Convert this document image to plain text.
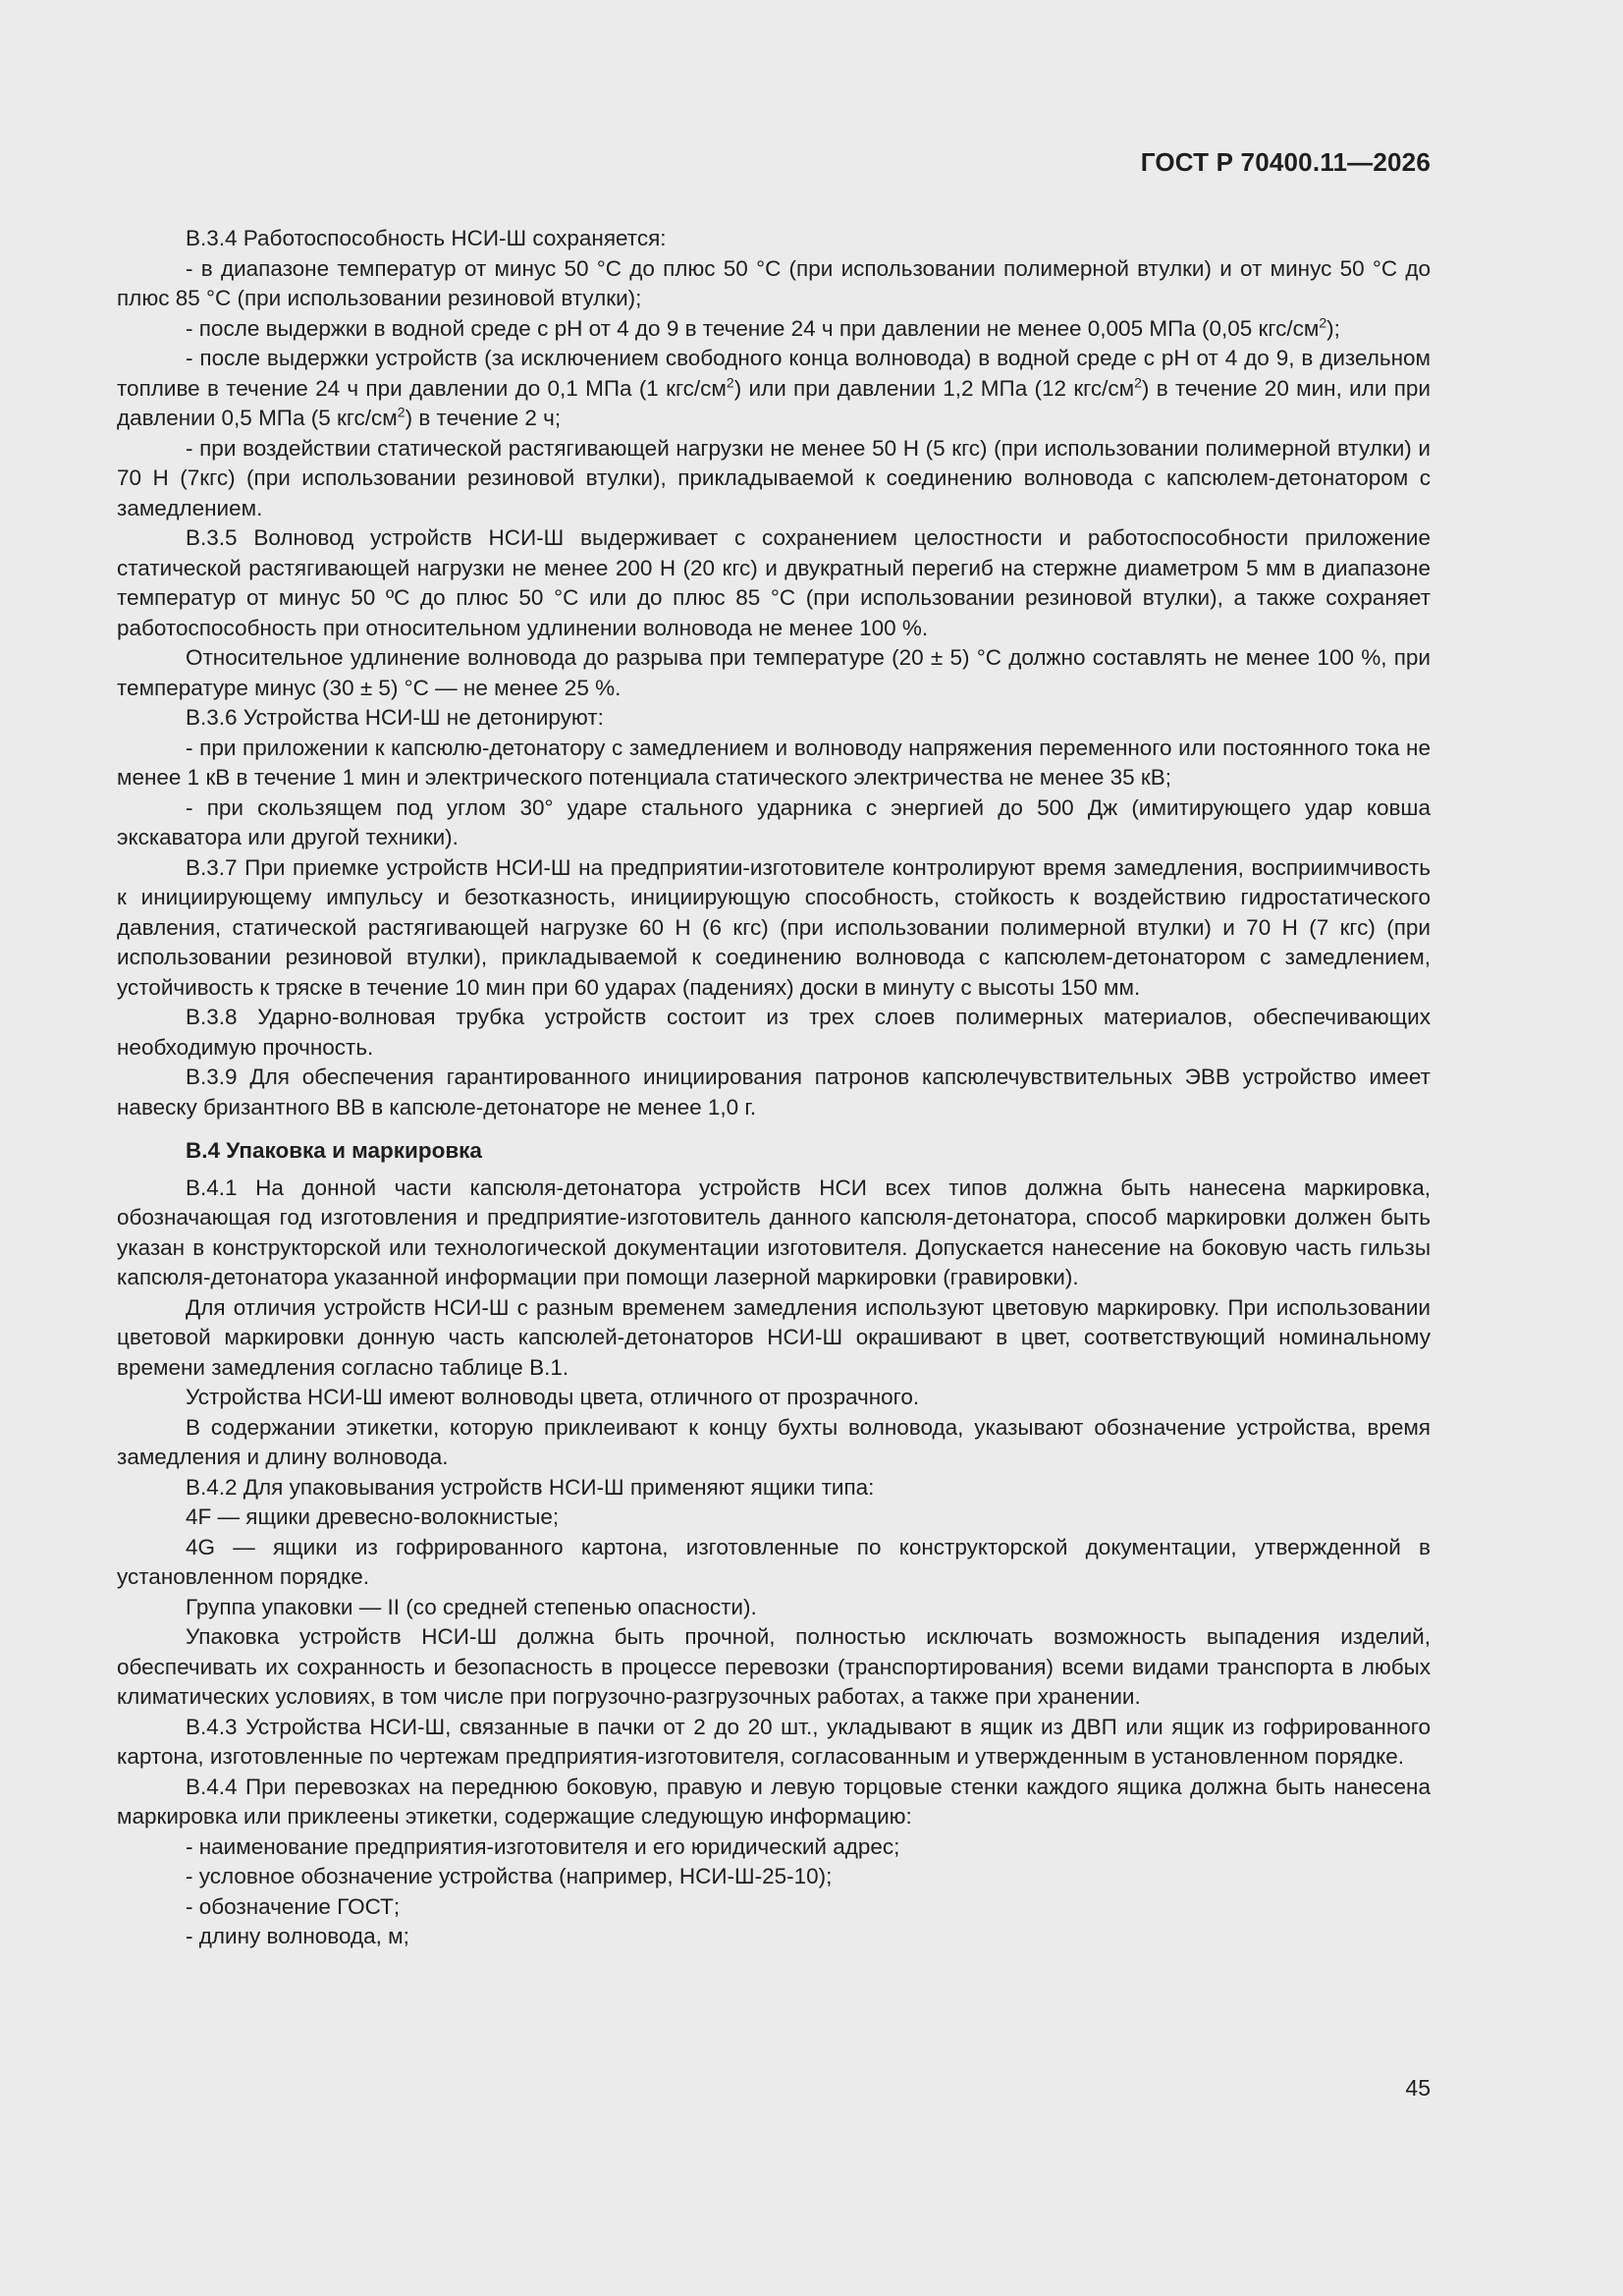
ГОСТ Р 70400.11—2026

В.3.4 Работоспособность НСИ-Ш сохраняется:

- в диапазоне температур от минус 50 °С до плюс 50 °С (при использовании полимерной втулки) и от минус 50 °С до плюс 85 °С (при использовании резиновой втулки);

- после выдержки в водной среде с рН от 4 до 9 в течение 24 ч при давлении не менее 0,005 МПа (0,05 кгс/$см^2$);

- после выдержки устройств (за исключением свободного конца волновода) в водной среде с рН от 4 до 9, в дизельном топливе в течение 24 ч при давлении до 0,1 МПа (1 кгс/$см^2$) или при давлении 1,2 МПа (12 кгс/$см^2$) в течение 20 мин, или при давлении 0,5 МПа (5 кгс/$см^2$) в течение 2 ч;

- при воздействии статической растягивающей нагрузки не менее 50 Н (5 кгс) (при использовании полимерной втулки) и 70 Н (7кгс) (при использовании резиновой втулки), прикладываемой к соединению волновода с капсюлем-детонатором с замедлением.

В.3.5 Волновод устройств НСИ-Ш выдерживает с сохранением целостности и работоспособности приложение статической растягивающей нагрузки не менее 200 Н (20 кгс) и двукратный перегиб на стержне диаметром 5 мм в диапазоне температур от минус 50 ºС до плюс 50 °С или до плюс 85 °С (при использовании резиновой втулки), а также сохраняет работоспособность при относительном удлинении волновода не менее 100 %.

Относительное удлинение волновода до разрыва при температуре (20 ± 5) °С должно составлять не менее 100 %, при температуре минус (30 ± 5) °С — не менее 25 %.

В.3.6 Устройства НСИ-Ш не детонируют:

- при приложении к капсюлю-детонатору с замедлением и волноводу напряжения переменного или постоянного тока не менее 1 кВ в течение 1 мин и электрического потенциала статического электричества не менее 35 кВ;

- при скользящем под углом 30° ударе стального ударника с энергией до 500 Дж (имитирующего удар ковша экскаватора или другой техники).

В.3.7 При приемке устройств НСИ-Ш на предприятии-изготовителе контролируют время замедления, восприимчивость к инициирующему импульсу и безотказность, инициирующую способность, стойкость к воздействию гидростатического давления, статической растягивающей нагрузке 60 Н (6 кгс) (при использовании полимерной втулки) и 70 Н (7 кгс) (при использовании резиновой втулки), прикладываемой к соединению волновода с капсюлем-детонатором с замедлением, устойчивость к тряске в течение 10 мин при 60 ударах (падениях) доски в минуту с высоты 150 мм.

В.3.8 Ударно-волновая трубка устройств состоит из трех слоев полимерных материалов, обеспечивающих необходимую прочность.

В.3.9 Для обеспечения гарантированного инициирования патронов капсюлечувствительных ЭВВ устройство имеет навеску бризантного ВВ в капсюле-детонаторе не менее 1,0 г.

В.4 Упаковка и маркировка

В.4.1 На донной части капсюля-детонатора устройств НСИ всех типов должна быть нанесена маркировка, обозначающая год изготовления и предприятие-изготовитель данного капсюля-детонатора, способ маркировки должен быть указан в конструкторской или технологической документации изготовителя. Допускается нанесение на боковую часть гильзы капсюля-детонатора указанной информации при помощи лазерной маркировки (гравировки).

Для отличия устройств НСИ-Ш с разным временем замедления используют цветовую маркировку. При использовании цветовой маркировки донную часть капсюлей-детонаторов НСИ-Ш окрашивают в цвет, соответствующий номинальному времени замедления согласно таблице В.1.

Устройства НСИ-Ш имеют волноводы цвета, отличного от прозрачного.

В содержании этикетки, которую приклеивают к концу бухты волновода, указывают обозначение устройства, время замедления и длину волновода.

В.4.2 Для упаковывания устройств НСИ-Ш применяют ящики типа:

4F — ящики древесно-волокнистые;

4G — ящики из гофрированного картона, изготовленные по конструкторской документации, утвержденной в установленном порядке.

Группа упаковки — II (со средней степенью опасности).

Упаковка устройств НСИ-Ш должна быть прочной, полностью исключать возможность выпадения изделий, обеспечивать их сохранность и безопасность в процессе перевозки (транспортирования) всеми видами транспорта в любых климатических условиях, в том числе при погрузочно-разгрузочных работах, а также при хранении.

В.4.3 Устройства НСИ-Ш, связанные в пачки от 2 до 20 шт., укладывают в ящик из ДВП или ящик из гофрированного картона, изготовленные по чертежам предприятия-изготовителя, согласованным и утвержденным в установленном порядке.

В.4.4 При перевозках на переднюю боковую, правую и левую торцовые стенки каждого ящика должна быть нанесена маркировка или приклеены этикетки, содержащие следующую информацию:

- наименование предприятия-изготовителя и его юридический адрес;

- условное обозначение устройства (например, НСИ-Ш-25-10);

- обозначение ГОСТ;

- длину волновода, м;

45
